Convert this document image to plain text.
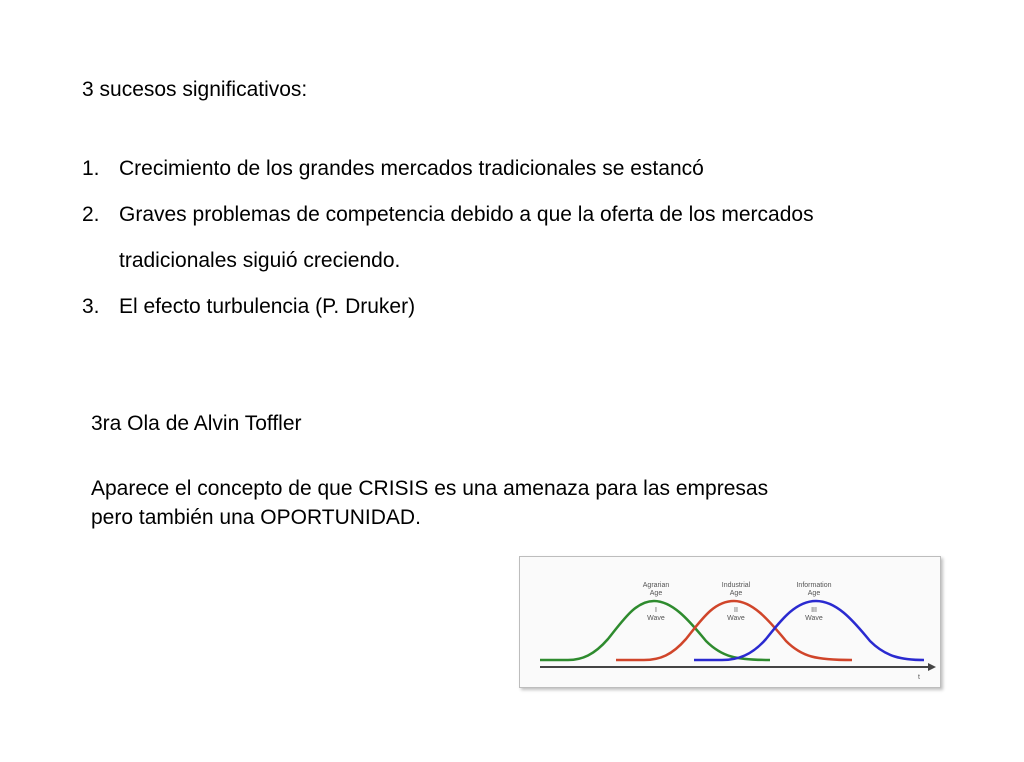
3 sucesos significativos:
1. Crecimiento de los grandes mercados tradicionales se estancó
2. Graves problemas de competencia debido a que la oferta de los mercados tradicionales siguió creciendo.
3. El efecto turbulencia (P. Druker)
3ra Ola de Alvin Toffler
Aparece el concepto de que CRISIS es una amenaza para las empresas pero también una OPORTUNIDAD.
t
Agrarian
Age
I
Wave
Industrial
Age
II
Wave
Information
Age
III
Wave
